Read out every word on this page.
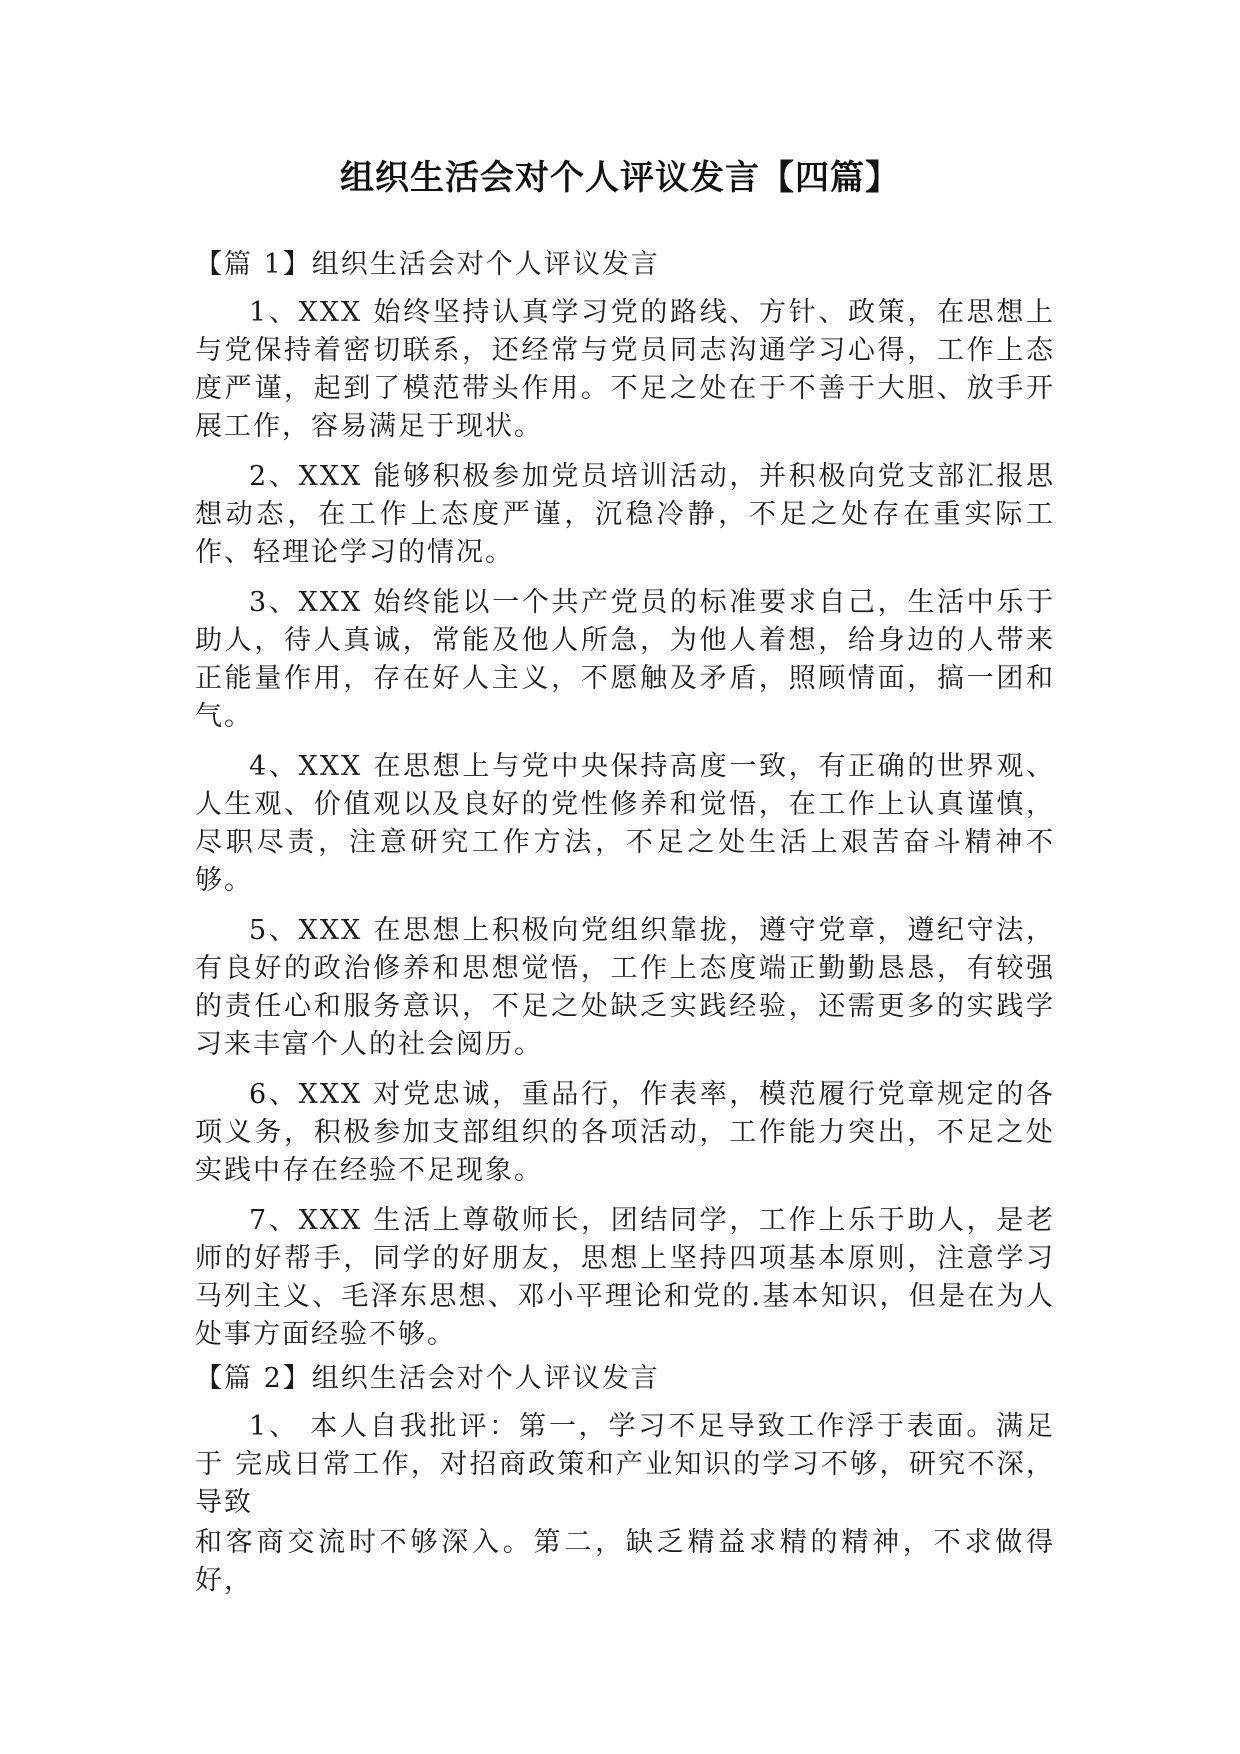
组织生活会对个人评议发言【四篇】
【篇 1】组织生活会对个人评议发言

1、XXX 始终坚持认真学习党的路线、方针、政策，在思想上与党保持着密切联系，还经常与党员同志沟通学习心得，工作上态度严谨，起到了模范带头作用。不足之处在于不善于大胆、放手开展工作，容易满足于现状。

2、XXX 能够积极参加党员培训活动，并积极向党支部汇报思想动态，在工作上态度严谨，沉稳冷静，不足之处存在重实际工作、轻理论学习的情况。

3、XXX 始终能以一个共产党员的标准要求自己，生活中乐于助人，待人真诚，常能及他人所急，为他人着想，给身边的人带来正能量作用，存在好人主义，不愿触及矛盾，照顾情面，搞一团和气。

4、XXX 在思想上与党中央保持高度一致，有正确的世界观、人生观、价值观以及良好的党性修养和觉悟，在工作上认真谨慎，尽职尽责，注意研究工作方法，不足之处生活上艰苦奋斗精神不够。

5、XXX 在思想上积极向党组织靠拢，遵守党章，遵纪守法，有良好的政治修养和思想觉悟，工作上态度端正勤勤恳恳，有较强的责任心和服务意识，不足之处缺乏实践经验，还需更多的实践学习来丰富个人的社会阅历。

6、XXX 对党忠诚，重品行，作表率，模范履行党章规定的各项义务，积极参加支部组织的各项活动，工作能力突出，不足之处实践中存在经验不足现象。

7、XXX 生活上尊敬师长，团结同学，工作上乐于助人，是老师的好帮手，同学的好朋友，思想上坚持四项基本原则，注意学习马列主义、毛泽东思想、邓小平理论和党的.基本知识，但是在为人处事方面经验不够。

【篇 2】组织生活会对个人评议发言

1、 本人自我批评：第一，学习不足导致工作浮于表面。满足于 完成日常工作，对招商政策和产业知识的学习不够，研究不深，导致

和客商交流时不够深入。第二，缺乏精益求精的精神，不求做得好，
